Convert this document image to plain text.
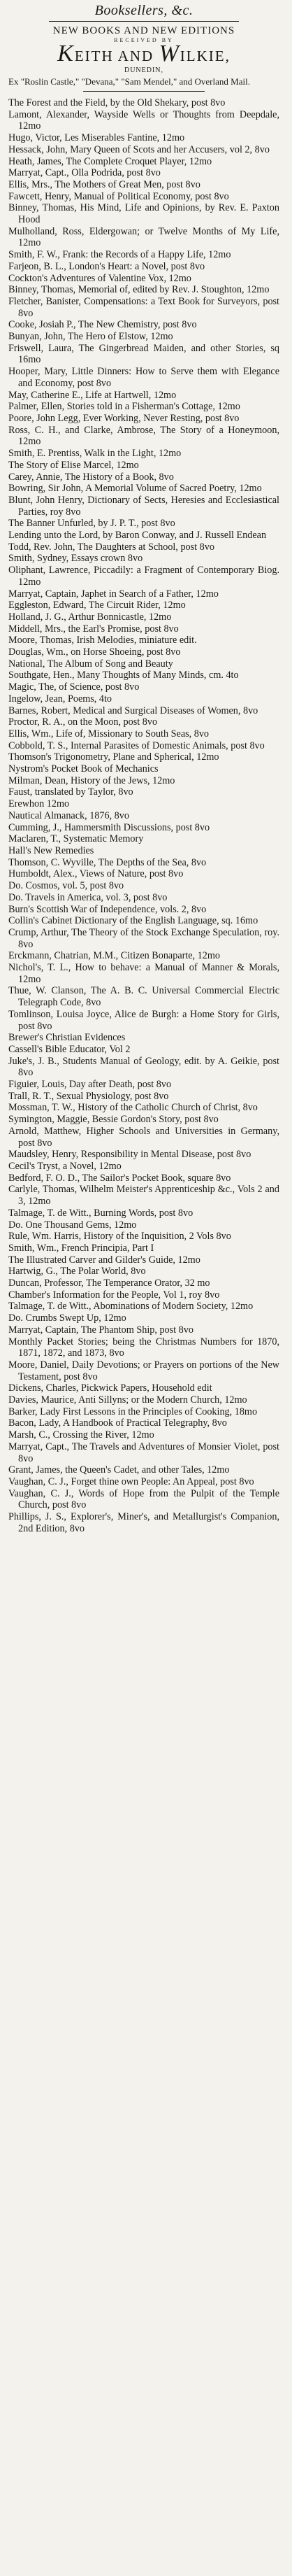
Booksellers, &c.

NEW BOOKS AND NEW EDITIONS

RECEIVED BY

KEITH AND WILKIE,

DUNEDIN,

Ex "Roslin Castle," "Devana," "Sam Mendel," and Overland Mail.

The Forest and the Field, by the Old Shekary, post 8vo
Lamont, Alexander, Wayside Wells or Thoughts from Deepdale, 12mo
Hugo, Victor, Les Miserables Fantine, 12mo
Hessack, John, Mary Queen of Scots and her Accusers, vol 2, 8vo
Heath, James, The Complete Croquet Player, 12mo
Marryat, Capt., Olla Podrida, post 8vo
Ellis, Mrs., The Mothers of Great Men, post 8vo
Fawcett, Henry, Manual of Political Economy, post 8vo
Binney, Thomas, His Mind, Life and Opinions, by Rev. E. Paxton Hood
Mulholland, Ross, Eldergowan; or Twelve Months of My Life, 12mo
Smith, F. W., Frank: the Records of a Happy Life, 12mo
Farjeon, B. L., London's Heart: a Novel, post 8vo
Cockton's Adventures of Valentine Vox, 12mo
Binney, Thomas, Memorial of, edited by Rev. J. Stoughton, 12mo
Fletcher, Banister, Compensations: a Text Book for Surveyors, post 8vo
Cooke, Josiah P., The New Chemistry, post 8vo
Bunyan, John, The Hero of Elstow, 12mo
Friswell, Laura, The Gingerbread Maiden, and other Stories, sq 16mo
Hooper, Mary, Little Dinners: How to Serve them with Elegance and Economy, post 8vo
May, Catherine E., Life at Hartwell, 12mo
Palmer, Ellen, Stories told in a Fisherman's Cottage, 12mo
Poore, John Legg, Ever Working, Never Resting, post 8vo
Ross, C. H., and Clarke, Ambrose, The Story of a Honeymoon, 12mo
Smith, E. Prentiss, Walk in the Light, 12mo
The Story of Elise Marcel, 12mo
Carey, Annie, The History of a Book, 8vo
Bowring, Sir John, A Memorial Volume of Sacred Poetry, 12mo
Blunt, John Henry, Dictionary of Sects, Heresies and Ecclesiastical Parties, roy 8vo
The Banner Unfurled, by J. P. T., post 8vo
Lending unto the Lord, by Baron Conway, and J. Russell Endean
Todd, Rev. John, The Daughters at School, post 8vo
Smith, Sydney, Essays crown 8vo
Oliphant, Lawrence, Piccadily: a Fragment of Contemporary Biog. 12mo
Marryat, Captain, Japhet in Search of a Father, 12mo
Eggleston, Edward, The Circuit Rider, 12mo
Holland, J. G., Arthur Bonnicastle, 12mo
Middell, Mrs., the Earl's Promise, post 8vo
Moore, Thomas, Irish Melodies, miniature edit.
Douglas, Wm., on Horse Shoeing, post 8vo
National, The Album of Song and Beauty
Southgate, Hen., Many Thoughts of Many Minds, cm. 4to
Magic, The, of Science, post 8vo
Ingelow, Jean, Poems, 4to
Barnes, Robert, Medical and Surgical Diseases of Women, 8vo
Proctor, R. A., on the Moon, post 8vo
Ellis, Wm., Life of, Missionary to South Seas, 8vo
Cobbold, T. S., Internal Parasites of Domestic Animals, post 8vo
Thomson's Trigonometry, Plane and Spherical, 12mo
Nystrom's Pocket Book of Mechanics
Milman, Dean, History of the Jews, 12mo
Faust, translated by Taylor, 8vo
Erewhon 12mo
Nautical Almanack, 1876, 8vo
Cumming, J., Hammersmith Discussions, post 8vo
Maclaren, T., Systematic Memory
Hall's New Remedies
Thomson, C. Wyville, The Depths of the Sea, 8vo
Humboldt, Alex., Views of Nature, post 8vo
Do. Cosmos, vol. 5, post 8vo
Do. Travels in America, vol. 3, post 8vo
Burn's Scottish War of Independence, vols. 2, 8vo
Collin's Cabinet Dictionary of the English Language, sq. 16mo
Crump, Arthur, The Theory of the Stock Exchange Speculation, roy. 8vo
Erckmann, Chatrian, M.M., Citizen Bonaparte, 12mo
Nichol's, T. L., How to behave: a Manual of Manner & Morals, 12mo
Thue, W. Clanson, The A. B. C. Universal Commercial Electric Telegraph Code, 8vo
Tomlinson, Louisa Joyce, Alice de Burgh: a Home Story for Girls, post 8vo
Brewer's Christian Evidences
Cassell's Bible Educator, Vol 2
Juke's, J. B., Students Manual of Geology, edit. by A. Geikie, post 8vo
Figuier, Louis, Day after Death, post 8vo
Trall, R. T., Sexual Physiology, post 8vo
Mossman, T. W., History of the Catholic Church of Christ, 8vo
Symington, Maggie, Bessie Gordon's Story, post 8vo
Arnold, Matthew, Higher Schools and Universities in Germany, post 8vo
Maudsley, Henry, Responsibility in Mental Disease, post 8vo
Cecil's Tryst, a Novel, 12mo
Bedford, F. O. D., The Sailor's Pocket Book, square 8vo
Carlyle, Thomas, Wilhelm Meister's Apprenticeship &c., Vols 2 and 3, 12mo
Talmage, T. de Witt., Burning Words, post 8vo
Do. One Thousand Gems, 12mo
Rule, Wm. Harris, History of the Inquisition, 2 Vols 8vo
Smith, Wm., French Principia, Part I
The Illustrated Carver and Gilder's Guide, 12mo
Hartwig, G., The Polar World, 8vo
Duncan, Professor, The Temperance Orator, 32 mo
Chamber's Information for the People, Vol 1, roy 8vo
Talmage, T. de Witt., Abominations of Modern Society, 12mo
Do. Crumbs Swept Up, 12mo
Marryat, Captain, The Phantom Ship, post 8vo
Monthly Packet Stories; being the Christmas Numbers for 1870, 1871, 1872, and 1873, 8vo
Moore, Daniel, Daily Devotions; or Prayers on portions of the New Testament, post 8vo
Dickens, Charles, Pickwick Papers, Household edit
Davies, Maurice, Anti Sillyns; or the Modern Church, 12mo
Barker, Lady First Lessons in the Principles of Cooking, 18mo
Bacon, Lady, A Handbook of Practical Telegraphy, 8vo
Marsh, C., Crossing the River, 12mo
Marryat, Capt., The Travels and Adventures of Monsier Violet, post 8vo
Grant, James, the Queen's Cadet, and other Tales, 12mo
Vaughan, C. J., Forget thine own People: An Appeal, post 8vo
Vaughan, C. J., Words of Hope from the Pulpit of the Temple Church, post 8vo
Phillips, J. S., Explorer's, Miner's, and Metallurgist's Companion, 2nd Edition, 8vo
